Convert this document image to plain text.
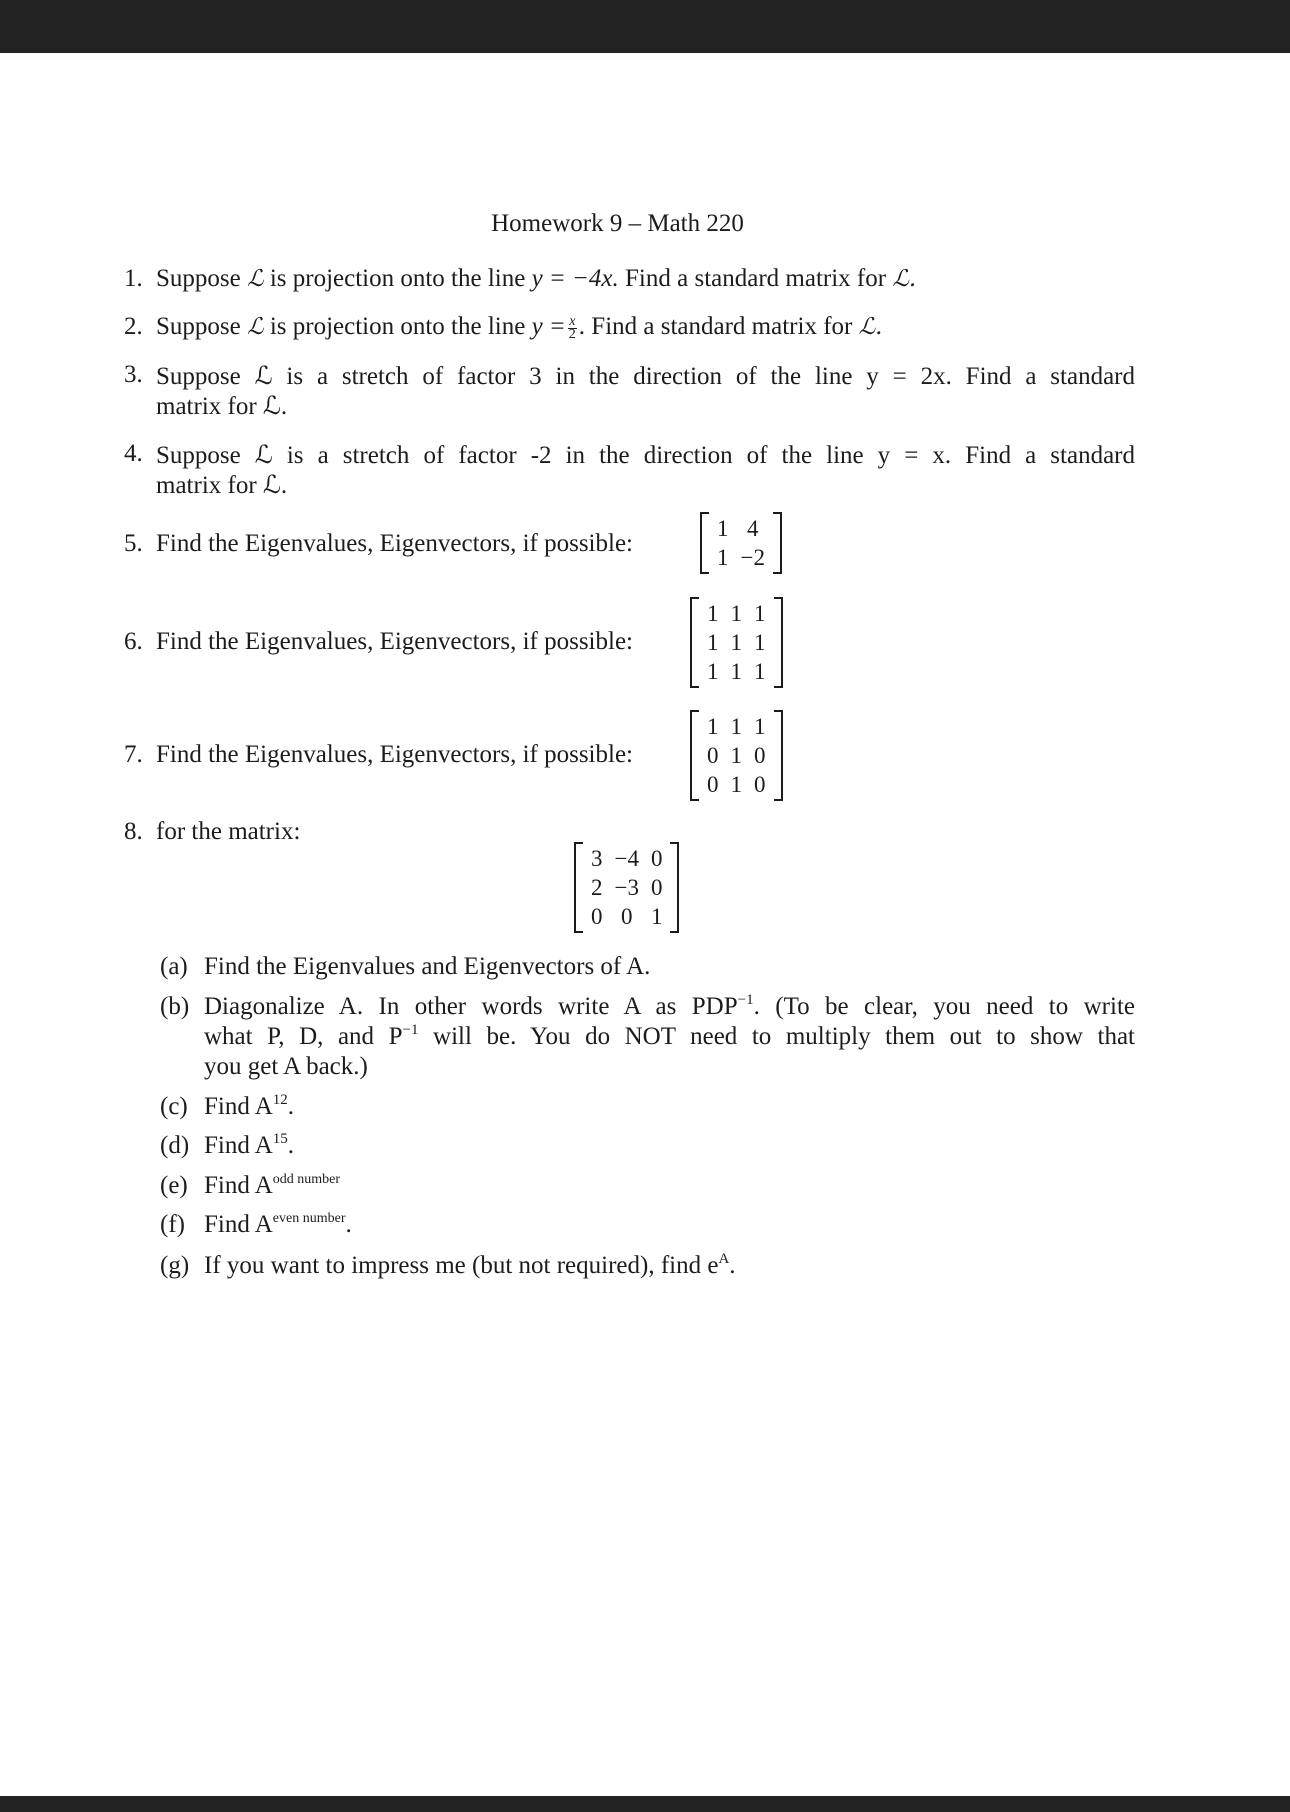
Homework 9 – Math 220
1. Suppose ℒ is projection onto the line y = −4x. Find a standard matrix for ℒ.
2. Suppose ℒ is projection onto the line $y = \frac{x}{2}$ . Find a standard matrix for ℒ.
3. Suppose ℒ is a stretch of factor 3 in the direction of the line y = 2x. Find a standard
matrix for ℒ.
4. Suppose ℒ is a stretch of factor -2 in the direction of the line y = x. Find a standard
matrix for ℒ.
5. Find the Eigenvalues, Eigenvectors, if possible:
1	4
1	−2
6. Find the Eigenvalues, Eigenvectors, if possible:
1	1	1
1	1	1
1	1	1
7. Find the Eigenvalues, Eigenvectors, if possible:
1	1	1
0	1	0
0	1	0
8. for the matrix:
3	−4	0
2	−3	0
0	0	1
(a) Find the Eigenvalues and Eigenvectors of A.
(b) Diagonalize A. In other words write A as $PDP^{-1}$. (To be clear, you need to write
what P, D, and $P^{-1}$ will be. You do NOT need to multiply them out to show that
you get A back.)
(c) Find $A^{12}$.
(d) Find $A^{15}$.
(e) Find $A^{odd number}$
(f) Find $A^{even number}$.
(g) If you want to impress me (but not required), find $e^A$.
